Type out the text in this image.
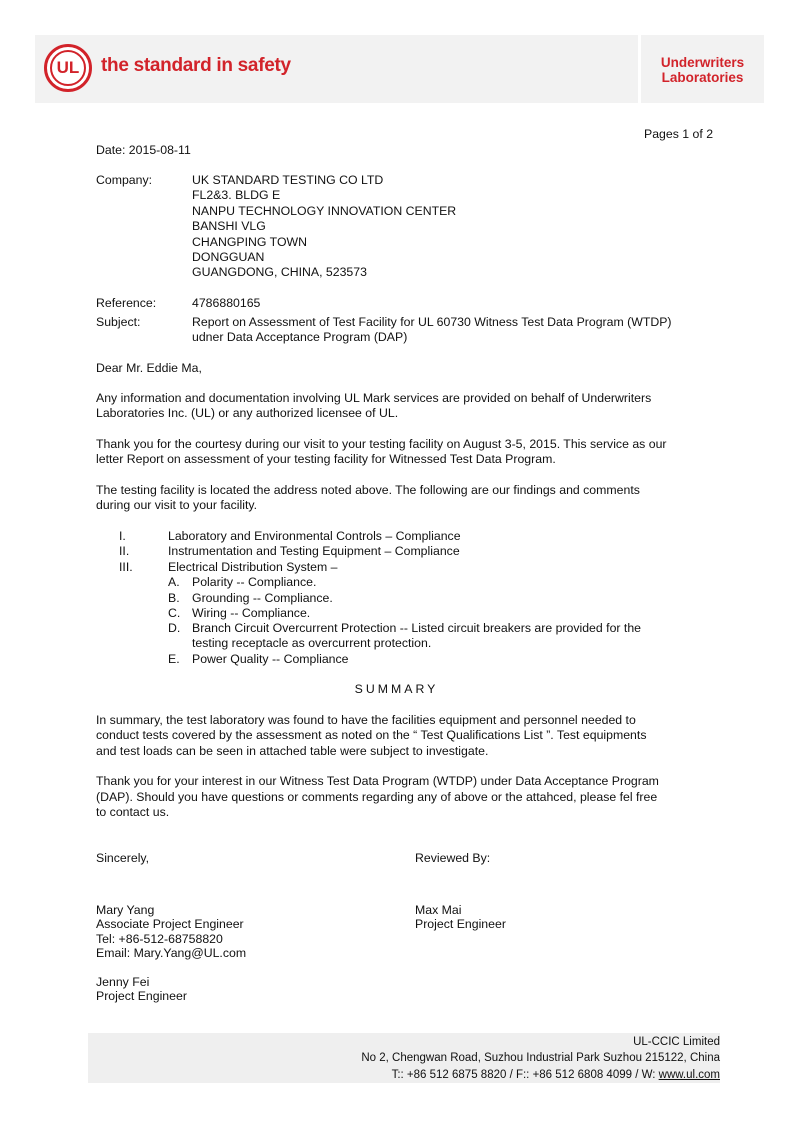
UL	the standard in safety	Underwriters
Laboratories
Pages 1 of 2
Date: 2015-08-11
Company:	UK STANDARD TESTING CO LTD
FL2&3. BLDG E
NANPU TECHNOLOGY INNOVATION CENTER
BANSHI VLG
CHANGPING TOWN
DONGGUAN
GUANGDONG, CHINA, 523573
Reference:	4786880165
Subject:	Report on Assessment of Test Facility for UL 60730 Witness Test Data Program (WTDP)
udner Data Acceptance Program (DAP)
Dear Mr. Eddie Ma,
Any information and documentation involving UL Mark services are provided on behalf of Underwriters
Laboratories Inc. (UL) or any authorized licensee of UL.
Thank you for the courtesy during our visit to your testing facility on August 3-5, 2015. This service as our
letter Report on assessment of your testing facility for Witnessed Test Data Program.
The testing facility is located the address noted above. The following are our findings and comments
during our visit to your facility.
I.	Laboratory and Environmental Controls – Compliance
II.	Instrumentation and Testing Equipment – Compliance
III.	Electrical Distribution System –
A. Polarity -- Compliance.
B. Grounding -- Compliance.
C. Wiring -- Compliance.
D. Branch Circuit Overcurrent Protection -- Listed circuit breakers are provided for the
testing receptacle as overcurrent protection.
E. Power Quality -- Compliance
SUMMARY
In summary, the test laboratory was found to have the facilities equipment and personnel needed to
conduct tests covered by the assessment as noted on the “ Test Qualifications List ”. Test equipments
and test loads can be seen in attached table were subject to investigate.
Thank you for your interest in our Witness Test Data Program (WTDP) under Data Acceptance Program
(DAP). Should you have questions or comments regarding any of above or the attahced, please fel free
to contact us.
Sincerely,	Reviewed By:
Mary Yang
Associate Project Engineer
Tel: +86-512-68758820
Email: Mary.Yang@UL.com
Jenny Fei
Project Engineer
Max Mai
Project Engineer
UL-CCIC Limited
No 2, Chengwan Road, Suzhou Industrial Park Suzhou 215122, China
T:: +86 512 6875 8820 / F:: +86 512 6808 4099 / W: www.ul.com
